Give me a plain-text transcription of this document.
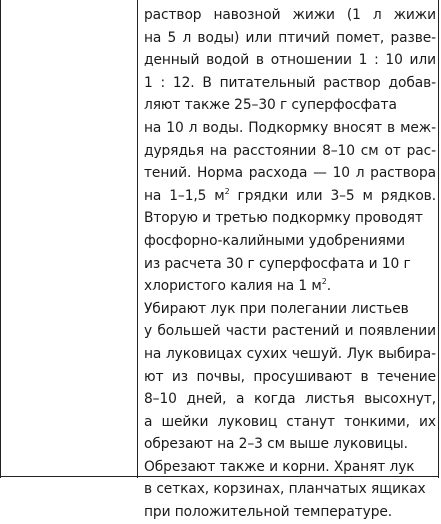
раствор навозной жижи (1 л жижи
на 5 л воды) или птичий помет, разве-
денный водой в отношении 1 : 10 или
1 : 12. В питательный раствор добав-
ляют также 25–30 г суперфосфата
на 10 л воды. Подкормку вносят в меж-
дурядья на расстоянии 8–10 см от рас-
тений. Норма расхода — 10 л раствора
на 1–1,5 $м^2$ грядки или 3–5 м рядков.
Вторую и третью подкормку проводят
фосфорно-калийными удобрениями
из расчета 30 г суперфосфата и 10 г
хлористого калия на 1 $м^2$.
Убирают лук при полегании листьев
у большей части растений и появлении
на луковицах сухих чешуй. Лук выбира-
ют из почвы, просушивают в течение
8–10 дней, а когда листья высохнут,
а шейки луковиц станут тонкими, их
обрезают на 2–3 см выше луковицы.
Обрезают также и корни. Хранят лук
в сетках, корзинах, планчатых ящиках
при положительной температуре.
